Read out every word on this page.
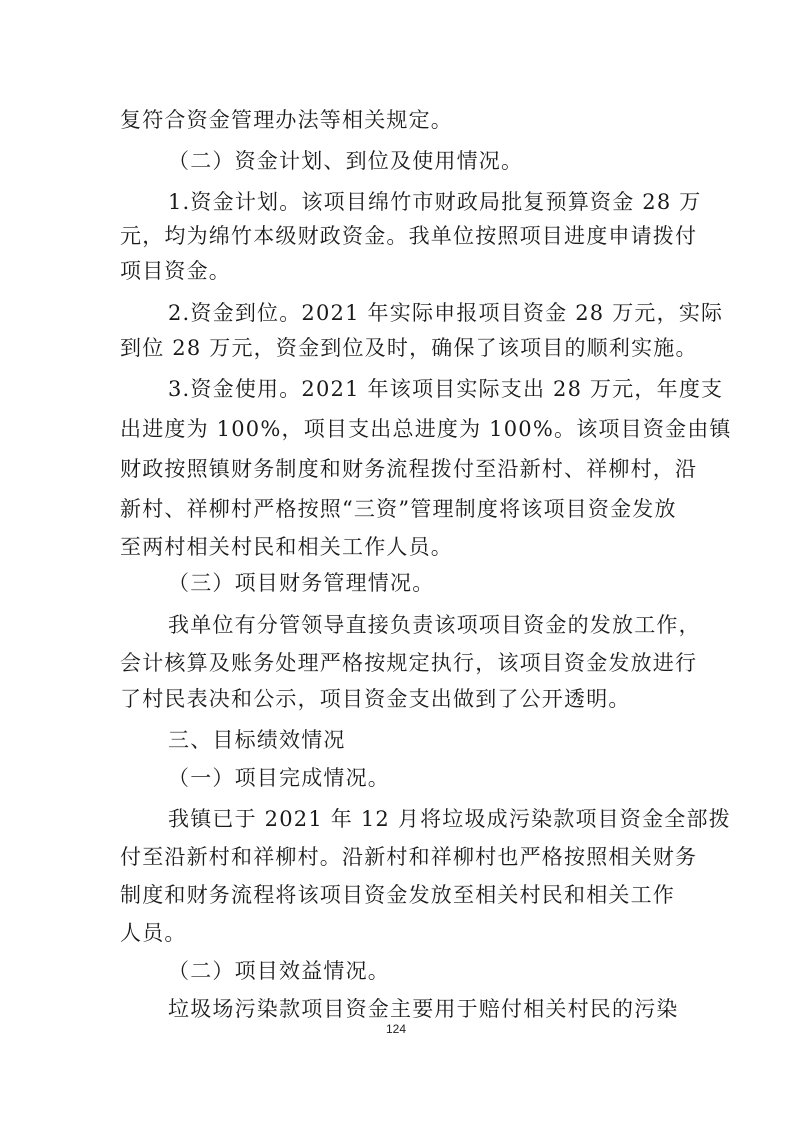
复符合资金管理办法等相关规定。
（二）资金计划、到位及使用情况。
1.资金计划。该项目绵竹市财政局批复预算资金 28 万
元，均为绵竹本级财政资金。我单位按照项目进度申请拨付
项目资金。
2.资金到位。2021 年实际申报项目资金 28 万元，实际
到位 28 万元，资金到位及时，确保了该项目的顺利实施。
3.资金使用。2021 年该项目实际支出 28 万元，年度支
出进度为 100%，项目支出总进度为 100%。该项目资金由镇
财政按照镇财务制度和财务流程拨付至沿新村、祥柳村，沿
新村、祥柳村严格按照“三资”管理制度将该项目资金发放
至两村相关村民和相关工作人员。
（三）项目财务管理情况。
我单位有分管领导直接负责该项项目资金的发放工作，
会计核算及账务处理严格按规定执行，该项目资金发放进行
了村民表决和公示，项目资金支出做到了公开透明。
三、目标绩效情况
（一）项目完成情况。
我镇已于 2021 年 12 月将垃圾成污染款项目资金全部拨
付至沿新村和祥柳村。沿新村和祥柳村也严格按照相关财务
制度和财务流程将该项目资金发放至相关村民和相关工作
人员。
（二）项目效益情况。
垃圾场污染款项目资金主要用于赔付相关村民的污染
124
